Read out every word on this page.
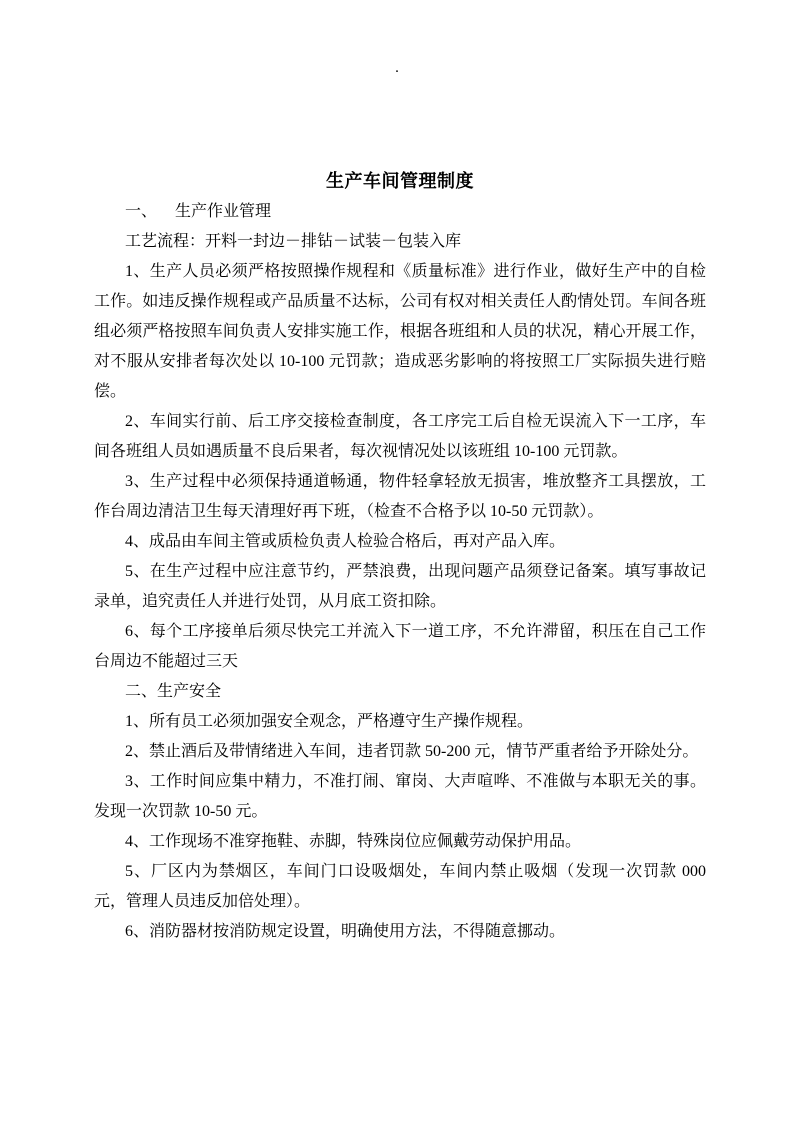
.
生产车间管理制度

一、 生产作业管理

工艺流程：开料一封边－排钻－试装－包装入库

1、生产人员必须严格按照操作规程和《质量标准》进行作业，做好生产中的自检工作。如违反操作规程或产品质量不达标，公司有权对相关责任人酌情处罚。车间各班组必须严格按照车间负责人安排实施工作，根据各班组和人员的状况，精心开展工作，对不服从安排者每次处以 10-100 元罚款；造成恶劣影响的将按照工厂实际损失进行赔偿。

2、车间实行前、后工序交接检查制度，各工序完工后自检无误流入下一工序，车间各班组人员如遇质量不良后果者，每次视情况处以该班组 10-100 元罚款。

3、生产过程中必须保持通道畅通，物件轻拿轻放无损害，堆放整齐工具摆放，工作台周边清洁卫生每天清理好再下班，（检查不合格予以 10-50 元罚款）。

4、成品由车间主管或质检负责人检验合格后，再对产品入库。

5、在生产过程中应注意节约，严禁浪费，出现问题产品须登记备案。填写事故记录单，追究责任人并进行处罚，从月底工资扣除。

6、每个工序接单后须尽快完工并流入下一道工序，不允许滞留，积压在自己工作台周边不能超过三天

二、生产安全

1、所有员工必须加强安全观念，严格遵守生产操作规程。

2、禁止酒后及带情绪进入车间，违者罚款 50-200 元，情节严重者给予开除处分。

3、工作时间应集中精力，不准打闹、窜岗、大声喧哗、不准做与本职无关的事。发现一次罚款 10-50 元。

4、工作现场不准穿拖鞋、赤脚，特殊岗位应佩戴劳动保护用品。

5、厂区内为禁烟区，车间门口设吸烟处，车间内禁止吸烟（发现一次罚款 000 元，管理人员违反加倍处理）。

6、消防器材按消防规定设置，明确使用方法，不得随意挪动。
